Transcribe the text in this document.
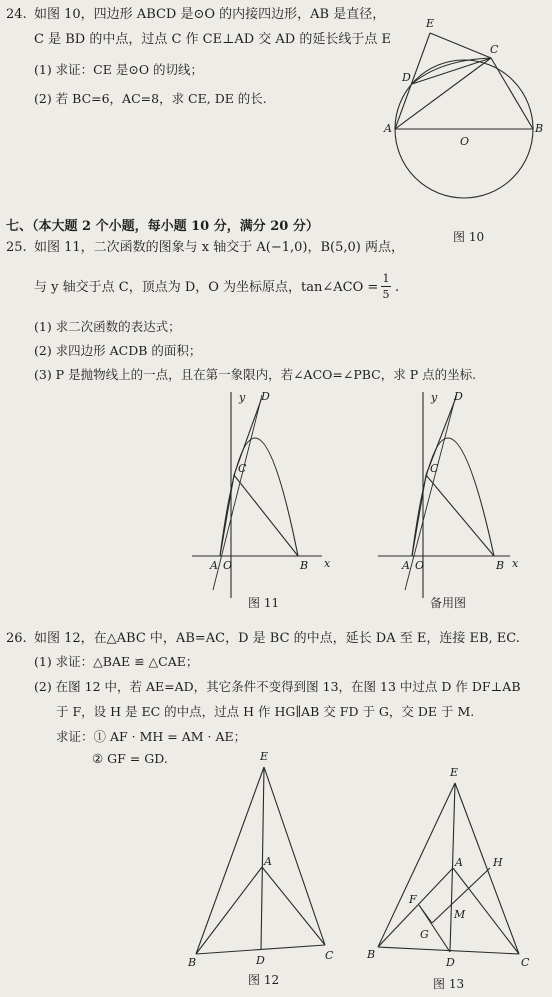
24. 如图 10，四边形 ABCD 是⊙O 的内接四边形，AB 是直径，
C 是 BD 的中点，过点 C 作 CE⊥AD 交 AD 的延长线于点 E
(1) 求证：CE 是⊙O 的切线；
(2) 若 BC=6，AC=8，求 CE, DE 的长.
E
C
D
A	B
O
图 10
七、（本大题 2 个小题，每小题 10 分，满分 20 分）
25. 如图 11，二次函数的图象与 x 轴交于 A(−1,0)，B(5,0) 两点，
与 y 轴交于点 C，顶点为 D，O 为坐标原点，tan∠ACO = $\frac{1}{5}$ .
(1) 求二次函数的表达式；
(2) 求四边形 ACDB 的面积；
(3) P 是抛物线上的一点，且在第一象限内，若∠ACO=∠PBC，求 P 点的坐标.
y D
C
A O	B x
图 11
y D
C
A O	B x
备用图
26. 如图 12，在△ABC 中，AB=AC，D 是 BC 的中点，延长 DA 至 E，连接 EB, EC.
(1) 求证：△BAE ≌ △CAE；
(2) 在图 12 中，若 AE=AD，其它条件不变得到图 13，在图 13 中过点 D 作 DF⊥AB
于 F，设 H 是 EC 的中点，过点 H 作 HG∥AB 交 FD 于 G，交 DE 于 M.
求证：① AF · MH = AM · AE；
② GF = GD.	E
A
B	D	C
图 12
E
A	H
F
M
G
B
D	C
图 13
